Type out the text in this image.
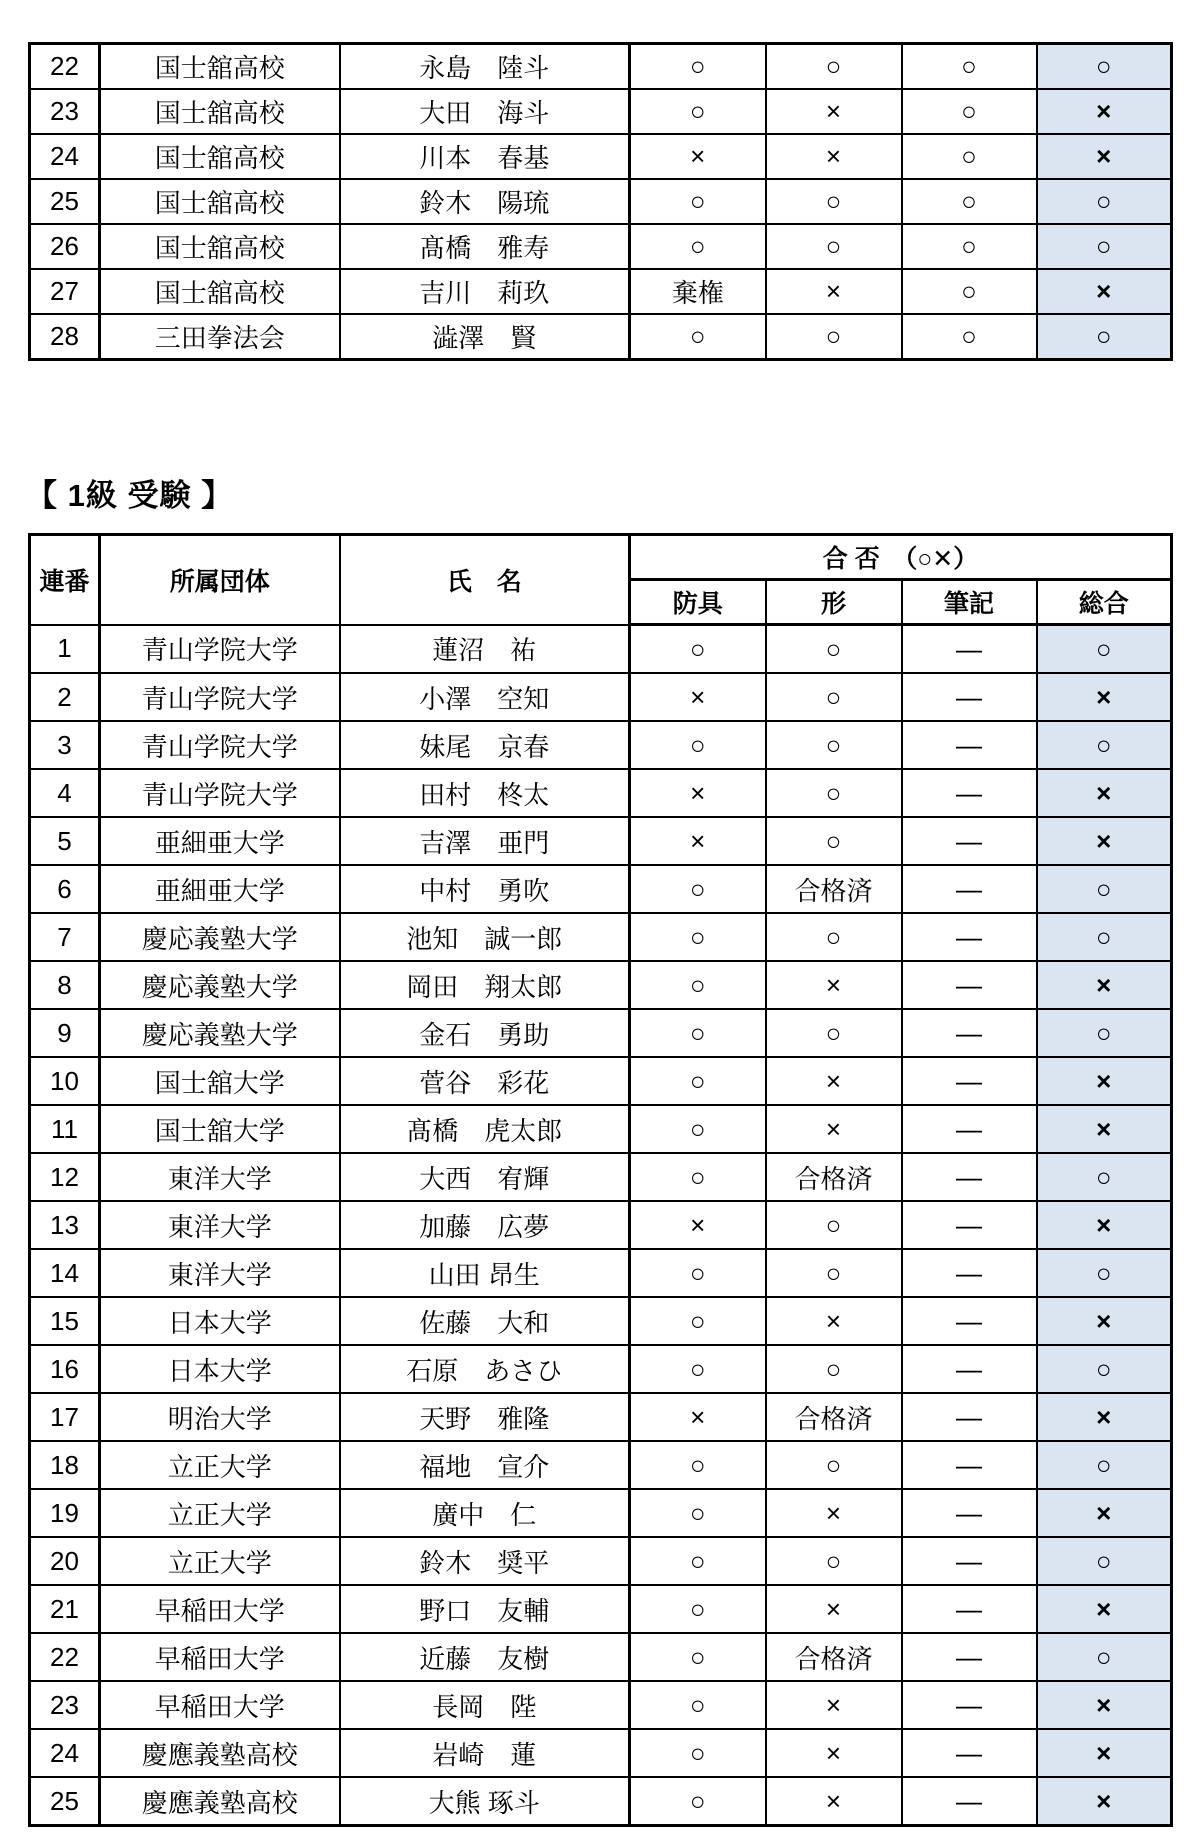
22	国士舘高校	永島　陸斗	○	○	○	○
23	国士舘高校	大田　海斗	○	×	○	×
24	国士舘高校	川本　春基	×	×	○	×
25	国士舘高校	鈴木　陽琉	○	○	○	○
26	国士舘高校	髙橋　雅寿	○	○	○	○
27	国士舘高校	吉川　莉玖	棄権	×	○	×
28	三田拳法会	澁澤　賢	○	○	○	○
【 1級 受験 】
連番	所属団体	氏　名	合 否　（○✕）			
			防具	形	筆記	総合
1	青山学院大学	蓮沼　祐	○	○	―	○
2	青山学院大学	小澤　空知	×	○	―	×
3	青山学院大学	妹尾　京春	○	○	―	○
4	青山学院大学	田村　柊太	×	○	―	×
5	亜細亜大学	吉澤　亜門	×	○	―	×
6	亜細亜大学	中村　勇吹	○	合格済	―	○
7	慶応義塾大学	池知　誠一郎	○	○	―	○
8	慶応義塾大学	岡田　翔太郎	○	×	―	×
9	慶応義塾大学	金石　勇助	○	○	―	○
10	国士舘大学	菅谷　彩花	○	×	―	×
11	国士舘大学	髙橋　虎太郎	○	×	―	×
12	東洋大学	大西　宥輝	○	合格済	―	○
13	東洋大学	加藤　広夢	×	○	―	×
14	東洋大学	山田 昂生	○	○	―	○
15	日本大学	佐藤　大和	○	×	―	×
16	日本大学	石原　あさひ	○	○	―	○
17	明治大学	天野　雅隆	×	合格済	―	×
18	立正大学	福地　宣介	○	○	―	○
19	立正大学	廣中　仁	○	×	―	×
20	立正大学	鈴木　奨平	○	○	―	○
21	早稲田大学	野口　友輔	○	×	―	×
22	早稲田大学	近藤　友樹	○	合格済	―	○
23	早稲田大学	長岡　陛	○	×	―	×
24	慶應義塾高校	岩崎　蓮	○	×	―	×
25	慶應義塾高校	大熊 琢斗	○	×	―	×
